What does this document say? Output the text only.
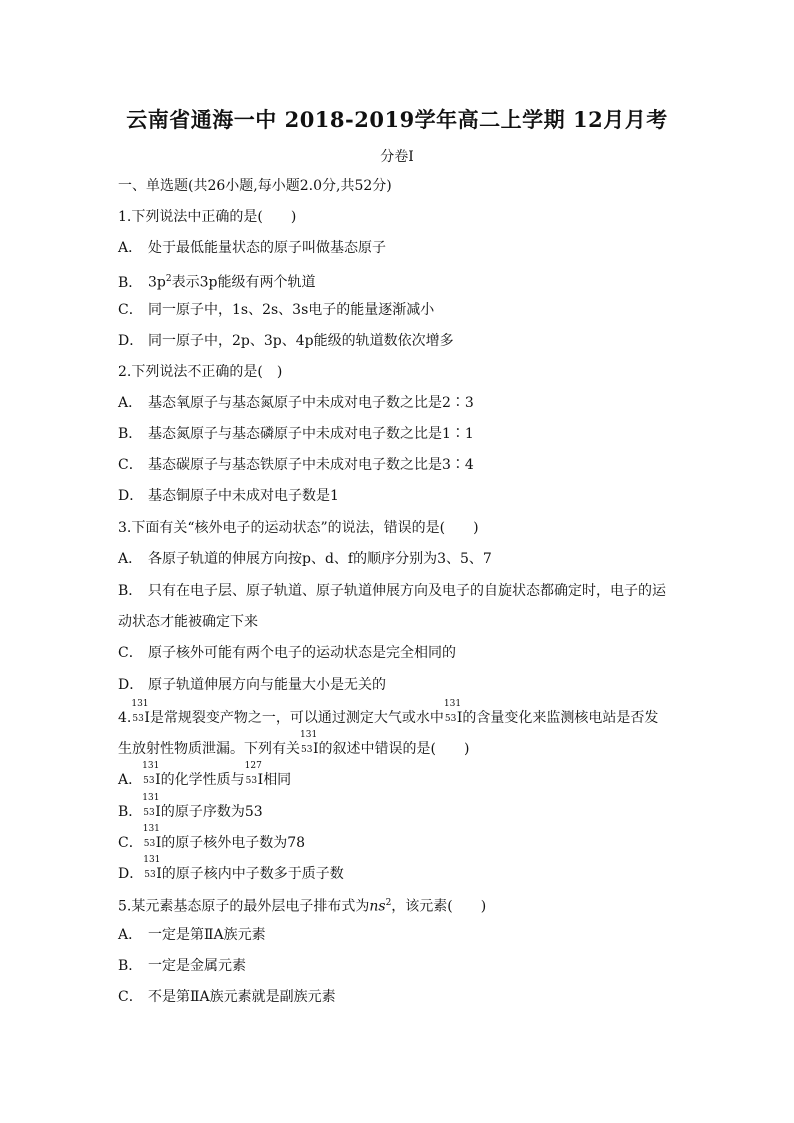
云南省通海一中 2018-2019学年高二上学期 12月月考
分卷I
一、单选题(共26小题,每小题2.0分,共52分)
1.下列说法中正确的是(　　)
A． 处于最低能量状态的原子叫做基态原子
B． $3p^2$表示3p能级有两个轨道
C． 同一原子中，1s、2s、3s电子的能量逐渐减小
D． 同一原子中，2p、3p、4p能级的轨道数依次增多
2.下列说法不正确的是(　)
A． 基态氧原子与基态氮原子中未成对电子数之比是2∶3
B． 基态氮原子与基态磷原子中未成对电子数之比是1∶1
C． 基态碳原子与基态铁原子中未成对电子数之比是3∶4
D． 基态铜原子中未成对电子数是1
3.下面有关“核外电子的运动状态”的说法，错误的是(　　)
A． 各原子轨道的伸展方向按p、d、f的顺序分别为3、5、7
B． 只有在电子层、原子轨道、原子轨道伸展方向及电子的自旋状态都确定时，电子的运
动状态才能被确定下来
C． 原子核外可能有两个电子的运动状态是完全相同的
D． 原子轨道伸展方向与能量大小是无关的
4.
131
53 I是常规裂变产物之一，可以通过测定大气或水中
131
53 I的含量变化来监测核电站是否发
生放射性物质泄漏。下列有关
131
53 I的叙述中错误的是(　　)
A．
131
53 I的化学性质与
127
53 I相同
B．
131
53 I的原子序数为53
C．
131
53 I的原子核外电子数为78
D．
131
53 I的原子核内中子数多于质子数
5.某元素基态原子的最外层电子排布式为$ns^2$，该元素(　　)
A． 一定是第ⅡA族元素
B． 一定是金属元素
C． 不是第ⅡA族元素就是副族元素
